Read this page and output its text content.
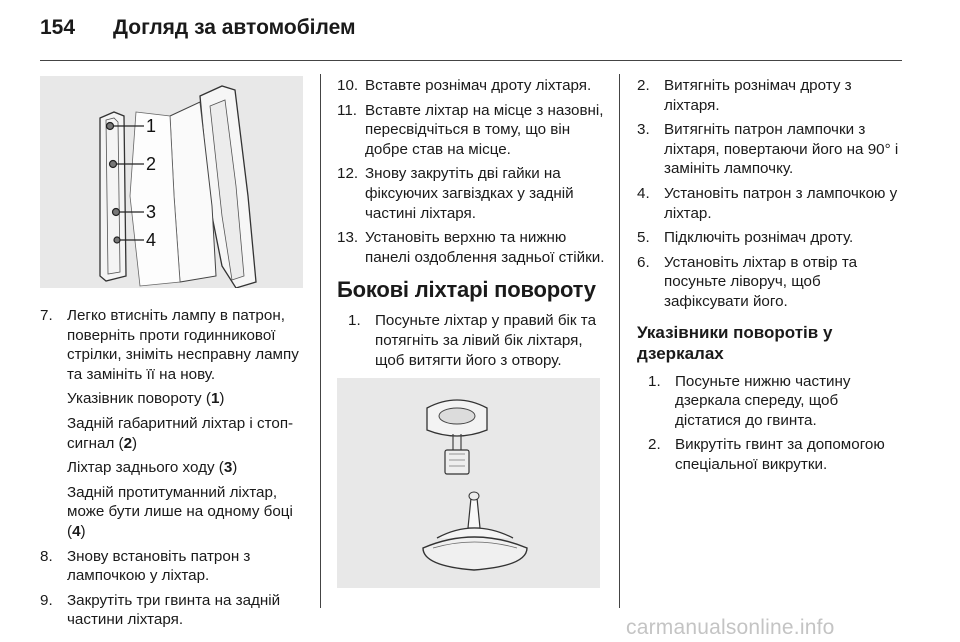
154 Догляд за автомобілем
1
2
3
4
7. Легко втисніть лампу в патрон, поверніть проти годинникової стрілки, зніміть несправну лампу та замініть її на нову.
Указівник повороту (1)
Задній габаритний ліхтар і стоп-сигнал (2)
Ліхтар заднього ходу (3)
Задній протитуманний ліхтар, може бути лише на одному боці (4)
8. Знову встановіть патрон з лампочкою у ліхтар.
9. Закрутіть три гвинта на задній частини ліхтаря.
10. Вставте рознімач дроту ліхтаря.
11. Вставте ліхтар на місце з назовні, пересвідчіться в тому, що він добре став на місце.
12. Знову закрутіть дві гайки на фіксуючих загвіздках у задній частині ліхтаря.
13. Установіть верхню та нижню панелі оздоблення задньої стійки.
Бокові ліхтарі повороту
1. Посуньте ліхтар у правий бік та потягніть за лівий бік ліхтаря, щоб витягти його з отвору.
2. Витягніть рознімач дроту з ліхтаря.
3. Витягніть патрон лампочки з ліхтаря, повертаючи його на 90° і замініть лампочку.
4. Установіть патрон з лампочкою у ліхтар.
5. Підключіть рознімач дроту.
6. Установіть ліхтар в отвір та посуньте ліворуч, щоб зафіксувати його.
Указівники поворотів у дзеркалах
1. Посуньте нижню частину дзеркала спереду, щоб дістатися до гвинта.
2. Викрутіть гвинт за допомогою спеціальної викрутки.
carmanualsonline.info
